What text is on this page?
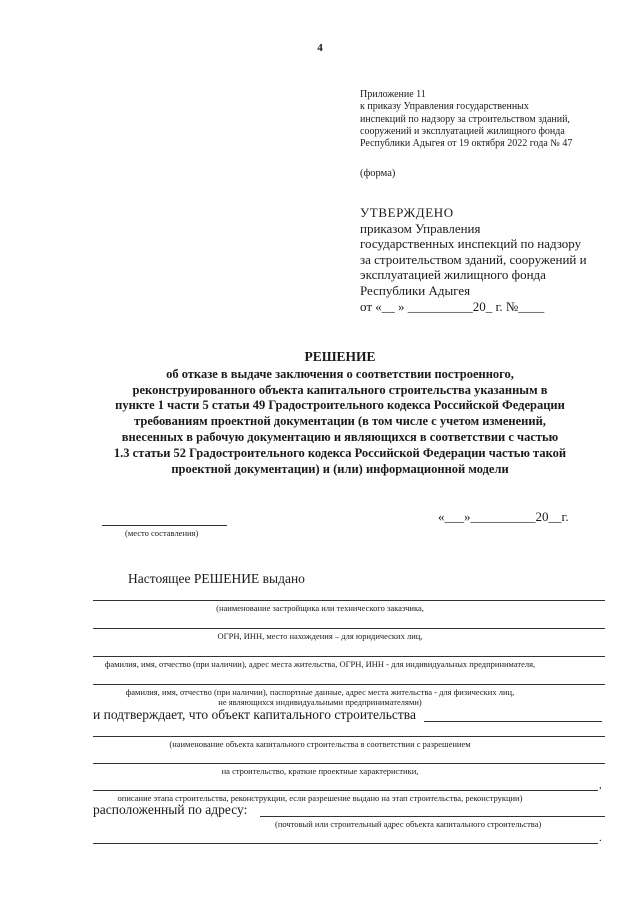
4
Приложение 11
к приказу Управления государственных
инспекций по надзору за строительством зданий,
сооружений и эксплуатацией жилищного фонда
Республики Адыгея от 19 октября 2022 года № 47
(форма)
УТВЕРЖДЕНО
приказом Управления
государственных инспекций по надзору
за строительством зданий, сооружений и
эксплуатацией жилищного фонда
Республики Адыгея
от «__ » __________20_ г. №____
РЕШЕНИЕ
об отказе в выдаче заключения о соответствии построенного,
реконструированного объекта капитального строительства указанным в
пункте 1 части 5 статьи 49 Градостроительного кодекса Российской Федерации
требованиям проектной документации (в том числе с учетом изменений,
внесенных в рабочую документацию и являющихся в соответствии с частью
1.3 статьи 52 Градостроительного кодекса Российской Федерации частью такой
проектной документации) и (или) информационной модели
(место составления)
«___»__________20__г.
Настоящее РЕШЕНИЕ выдано
(наименование застройщика или технического заказчика,
ОГРН, ИНН, место нахождения – для юридических лиц,
фамилия, имя, отчество (при наличии), адрес места жительства, ОГРН, ИНН - для индивидуальных предпринимателя,
фамилия, имя, отчество (при наличии), паспортные данные, адрес места жительства - для физических лиц,
не являющихся индивидуальными предпринимателями)
и подтверждает, что объект капитального строительства
(наименование объекта капитального строительства в соответствии с разрешением
на строительство, краткие проектные характеристики,
,
описание этапа строительства, реконструкции, если разрешение выдано на этап строительства, реконструкции)
расположенный по адресу:
(почтовый или строительный адрес объекта капитального строительства)
.
